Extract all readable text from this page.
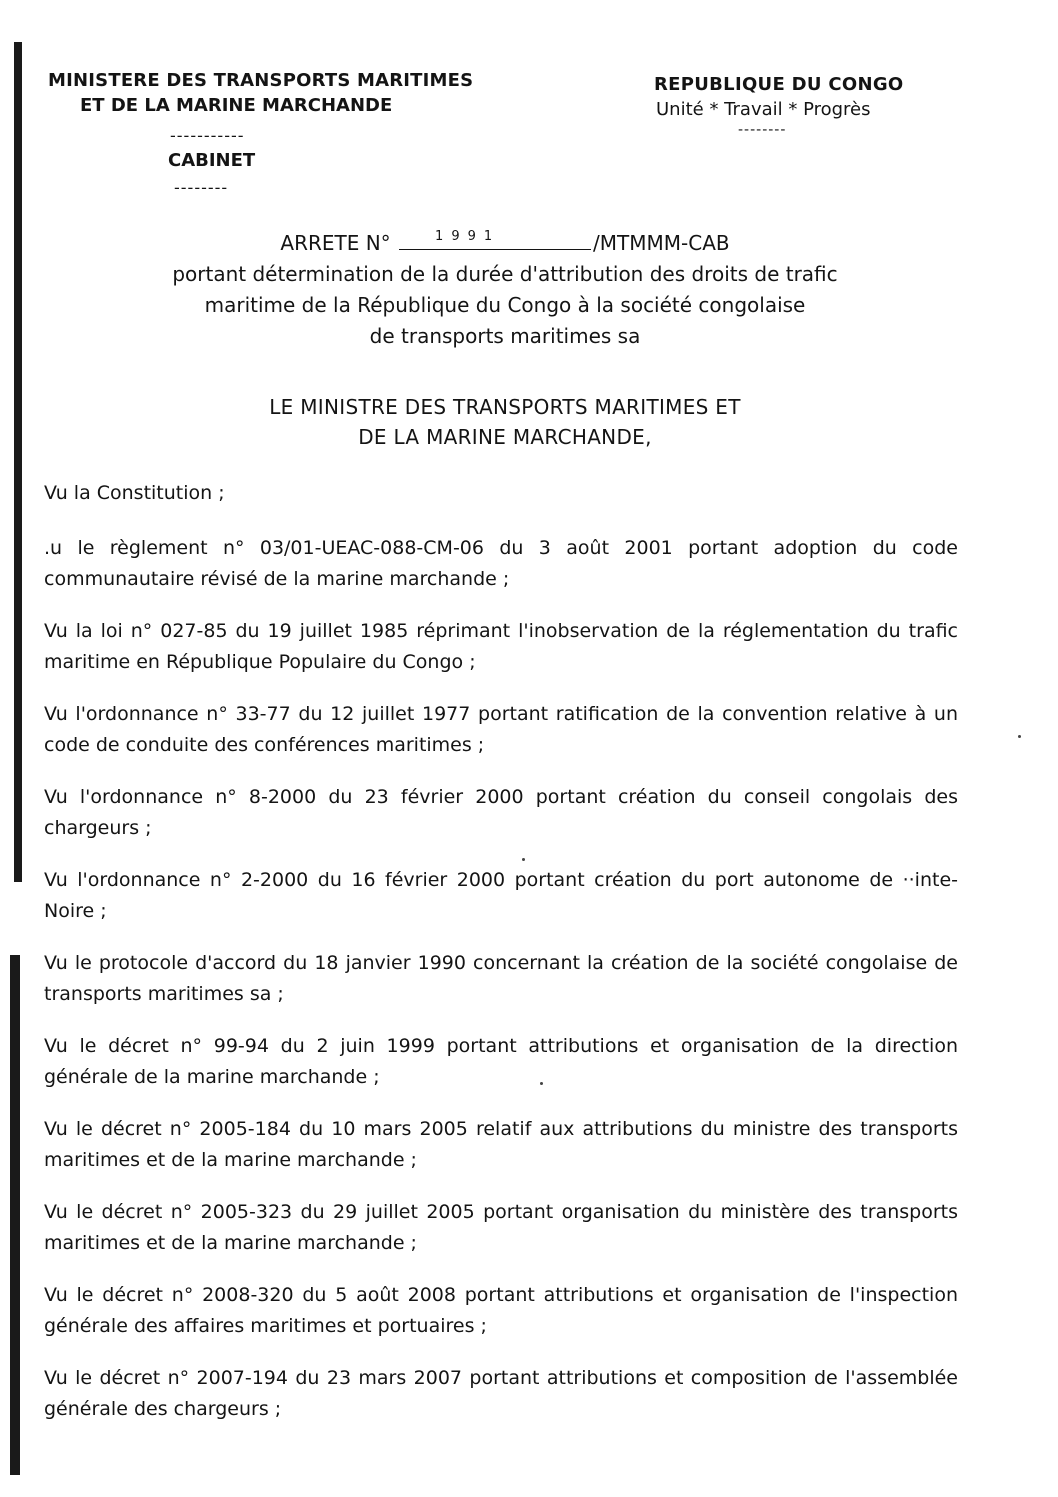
MINISTERE DES TRANSPORTS MARITIMES
ET DE LA MARINE MARCHANDE
-----------
CABINET
--------
REPUBLIQUE DU CONGO
Unité * Travail * Progrès
--------
ARRETE N°	1991	/MTMMM-CAB
portant détermination de la durée d'attribution des droits de trafic
maritime de la République du Congo à la société congolaise
de transports maritimes sa
LE MINISTRE DES TRANSPORTS MARITIMES ET
DE LA MARINE MARCHANDE,

Vu la Constitution ;

.u le règlement n° 03/01-UEAC-088-CM-06 du 3 août 2001 portant adoption du code communautaire révisé de la marine marchande ;

Vu la loi n° 027-85 du 19 juillet 1985 réprimant l'inobservation de la réglementation du trafic maritime en République Populaire du Congo ;

Vu l'ordonnance n° 33-77 du 12 juillet 1977 portant ratification de la convention relative à un code de conduite des conférences maritimes ;

Vu l'ordonnance n° 8-2000 du 23 février 2000 portant création du conseil congolais des chargeurs ;

Vu l'ordonnance n° 2-2000 du 16 février 2000 portant création du port autonome de ·‧inte-Noire ;

Vu le protocole d'accord du 18 janvier 1990 concernant la création de la société congolaise de transports maritimes sa ;

Vu le décret n° 99-94 du 2 juin 1999 portant attributions et organisation de la direction générale de la marine marchande ;

Vu le décret n° 2005-184 du 10 mars 2005 relatif aux attributions du ministre des transports maritimes et de la marine marchande ;

Vu le décret n° 2005-323 du 29 juillet 2005 portant organisation du ministère des transports maritimes et de la marine marchande ;

Vu le décret n° 2008-320 du 5 août 2008 portant attributions et organisation de l'inspection générale des affaires maritimes et portuaires ;

Vu le décret n° 2007-194 du 23 mars 2007 portant attributions et composition de l'assemblée générale des chargeurs ;
